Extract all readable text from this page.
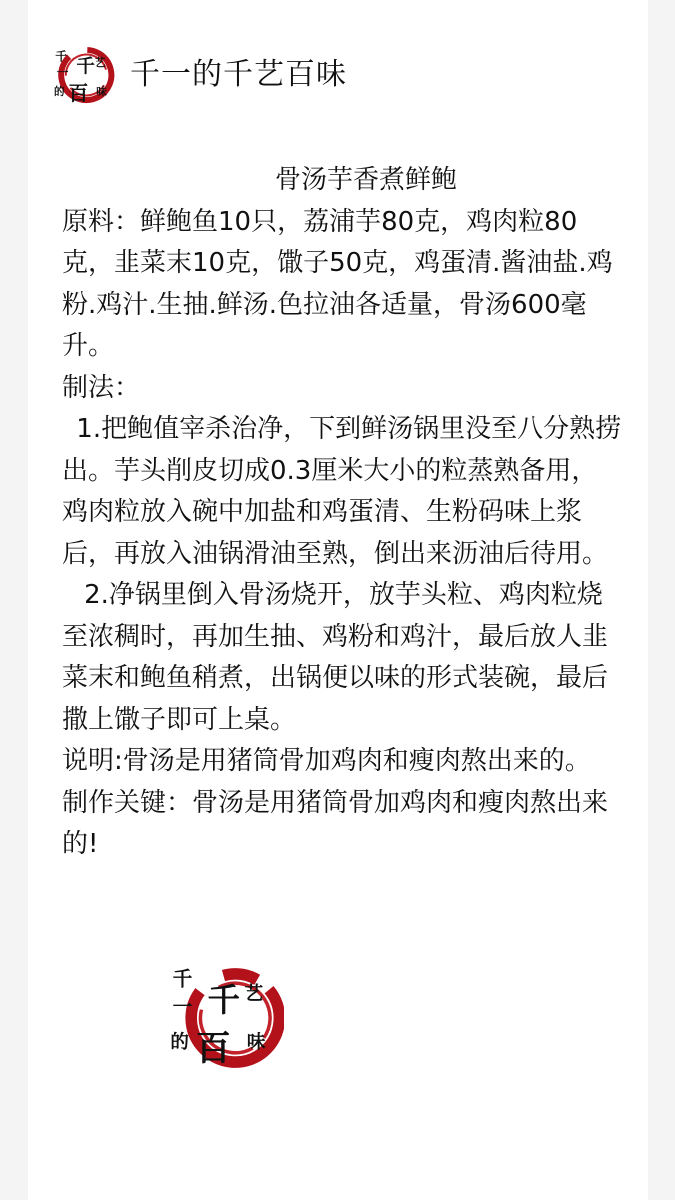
千
一 千 艺
的 百 味 千一的千艺百味

骨汤芋香煮鲜鲍

原料：鲜鲍鱼10只，荔浦芋80克，鸡肉粒80克，韭菜末10克，馓子50克，鸡蛋清.酱油盐.鸡粉.鸡汁.生抽.鲜汤.色拉油各适量，骨汤600毫升。

制法：

1.把鲍值宰杀治净，下到鲜汤锅里没至八分熟捞出。芋头削皮切成0.3厘米大小的粒蒸熟备用，鸡肉粒放入碗中加盐和鸡蛋清、生粉码味上浆后，再放入油锅滑油至熟，倒出来沥油后待用。

2.净锅里倒入骨汤烧开，放芋头粒、鸡肉粒烧至浓稠时，再加生抽、鸡粉和鸡汁，最后放人韭菜末和鲍鱼稍煮，出锅便以味的形式装碗，最后撒上馓子即可上桌。

说明:骨汤是用猪筒骨加鸡肉和瘦肉熬出来的。

制作关键：骨汤是用猪筒骨加鸡肉和瘦肉熬出来的!

千
一 千 艺
的 百 味
